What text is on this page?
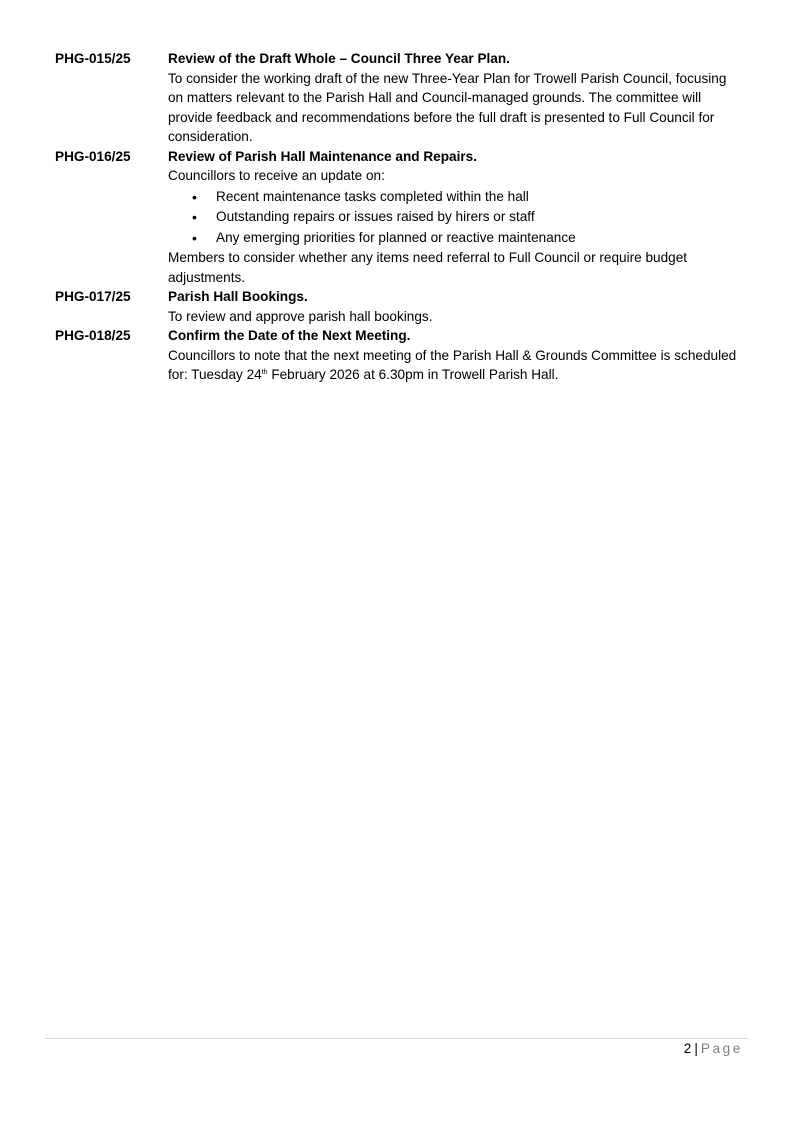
PHG-015/25	Review of the Draft Whole – Council Three Year Plan.

To consider the working draft of the new Three-Year Plan for Trowell Parish Council, focusing on matters relevant to the Parish Hall and Council-managed grounds. The committee will provide feedback and recommendations before the full draft is presented to Full Council for consideration.

PHG-016/25	Review of Parish Hall Maintenance and Repairs.

Councillors to receive an update on:

• Recent maintenance tasks completed within the hall
• Outstanding repairs or issues raised by hirers or staff
• Any emerging priorities for planned or reactive maintenance

Members to consider whether any items need referral to Full Council or require budget adjustments.

PHG-017/25	Parish Hall Bookings.

To review and approve parish hall bookings.

PHG-018/25	Confirm the Date of the Next Meeting.

Councillors to note that the next meeting of the Parish Hall & Grounds Committee is scheduled for: Tuesday 24th February 2026 at 6.30pm in Trowell Parish Hall.

2 | Page
